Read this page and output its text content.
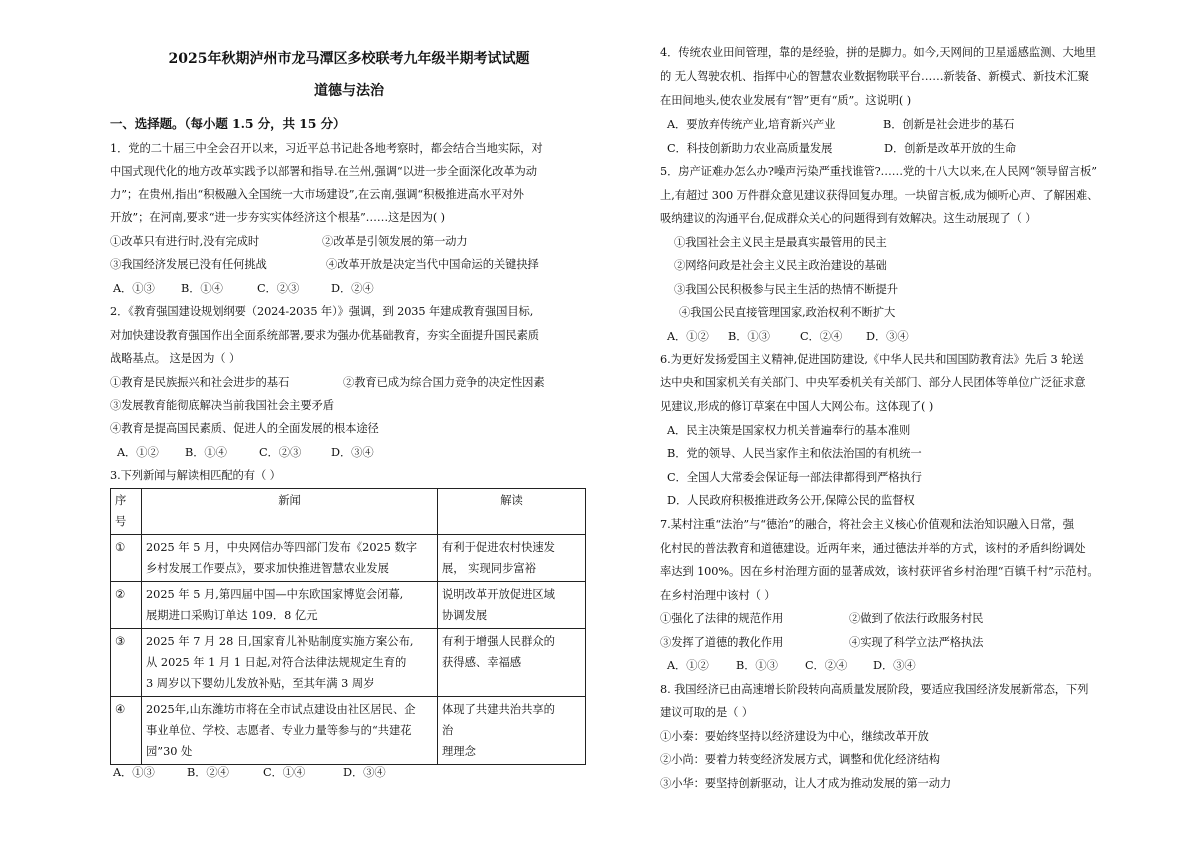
2025年秋期泸州市龙马潭区多校联考九年级半期考试试题
道德与法治
一、选择题。（每小题 1.5 分，共 15 分）
1．党的二十届三中全会召开以来，习近平总书记赴各地考察时，都会结合当地实际，对
中国式现代化的地方改革实践予以部署和指导.在兰州,强调“以进一步全面深化改革为动
力”；在贵州,指出“积极融入全国统一大市场建设”,在云南,强调“积极推进高水平对外
开放”；在河南,要求“进一步夯实实体经济这个根基”……这是因为( )
①改革只有进行时,没有完成时	②改革是引领发展的第一动力
③我国经济发展已没有任何挑战	④改革开放是决定当代中国命运的关键抉择
A．①③ B．①④	C．②③	D．②④
2．《教育强国建设规划纲要（2024-2035 年）》强调，到 2035 年建成教育强国目标,
对加快建设教育强国作出全面系统部署,要求为强办优基础教育，夯实全面提升国民素质
战略基点。 这是因为（ ）
①教育是民族振兴和社会进步的基石	②教育已成为综合国力竞争的决定性因素
③发展教育能彻底解决当前我国社会主要矛盾
④教育是提高国民素质、促进人的全面发展的根本途径
A．①② B．①④	C．②③	D．③④
3.下列新闻与解读相匹配的有（ ）
序号	新闻	解读
①	2025 年 5 月，中央网信办等四部门发布《2025 数字
乡村发展工作要点》，要求加快推进智慧农业发展	有利于促进农村快速发
展， 实现同步富裕

②	2025 年 5 月,第四届中国—中东欧国家博览会闭幕,
展期进口采购订单达 109．8 亿元	说明改革开放促进区域
协调发展

③	2025 年 7 月 28 日,国家育儿补贴制度实施方案公布,
从 2025 年 1 月 1 日起,对符合法律法规规定生育的
3 周岁以下婴幼儿发放补贴，至其年满 3 周岁	有利于增强人民群众的
获得感、幸福感

④	2025年,山东潍坊市将在全市试点建设由社区居民、企
事业单位、学校、志愿者、专业力量等参与的“共建花
园”30 处	体现了共建共治共享的
治
理理念
A．①③	B．②④	C．①④	D．③④
4．传统农业田间管理，靠的是经验，拼的是脚力。如今,天网间的卫星遥感监测、大地里
的 无人驾驶农机、指挥中心的智慧农业数据物联平台……新装备、新模式、新技术汇聚
在田间地头,使农业发展有“智”更有“质”。这说明( )
A．要放弃传统产业,培育新兴产业	B．创新是社会进步的基石
C．科技创新助力农业高质量发展	D．创新是改革开放的生命
5．房产证难办怎么办?噪声污染严重找谁管?……党的十八大以来,在人民网“领导留言板”
上,有超过 300 万件群众意见建议获得回复办理。一块留言板,成为倾听心声、了解困难、
吸纳建议的沟通平台,促成群众关心的问题得到有效解决。这生动展现了（ ）
①我国社会主义民主是最真实最管用的民主
②网络问政是社会主义民主政治建设的基础
③我国公民积极参与民主生活的热情不断提升
④我国公民直接管理国家,政治权利不断扩大
A．①② B．①③	C．②④ D．③④
6.为更好发扬爱国主义精神,促进国防建设,《中华人民共和国国防教育法》先后 3 轮送
达中央和国家机关有关部门、中央军委机关有关部门、部分人民团体等单位广泛征求意
见建议,形成的修订草案在中国人大网公布。这体现了( )
A．民主决策是国家权力机关普遍奉行的基本准则
B．党的领导、人民当家作主和依法治国的有机统一
C．全国人大常委会保证每一部法律都得到严格执行
D．人民政府积极推进政务公开,保障公民的监督权
7.某村注重“法治”与“德治”的融合，将社会主义核心价值观和法治知识融入日常，强
化村民的普法教育和道德建设。近两年来，通过德法并举的方式，该村的矛盾纠纷调处
率达到 100%。因在乡村治理方面的显著成效，该村获评省乡村治理“百镇千村”示范村。
在乡村治理中该村（ ）
①强化了法律的规范作用	②做到了依法行政服务村民
③发挥了道德的教化作用	④实现了科学立法严格执法
A．①② B．①③ C．②④ D．③④
8. 我国经济已由高速增长阶段转向高质量发展阶段，要适应我国经济发展新常态，下列
建议可取的是（ ）
①小秦：要始终坚持以经济建设为中心，继续改革开放
②小尚：要着力转变经济发展方式，调整和优化经济结构
③小华：要坚持创新驱动，让人才成为推动发展的第一动力
